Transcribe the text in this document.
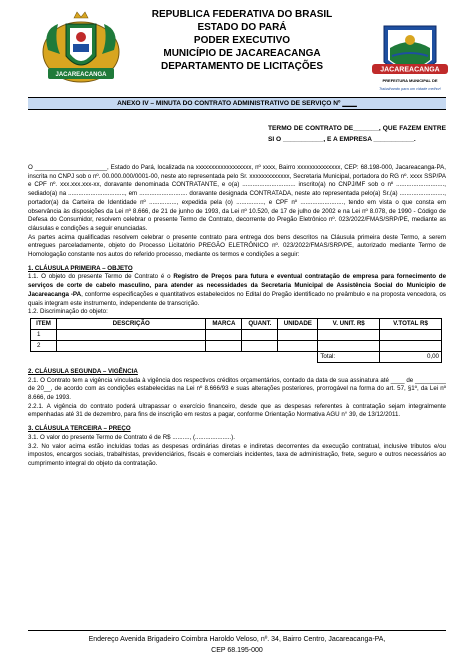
JACAREACANGA
REPUBLICA FEDERATIVA DO BRASIL
ESTADO DO PARÁ
PODER EXECUTIVO
MUNICÍPIO DE JACAREACANGA
DEPARTAMENTO DE LICITAÇÕES	JACAREACANGA
PREFEITURA MUNICIPAL DE
Trabalhando para um cidade melhor!
ANEXO IV – MINUTA DO CONTRATO ADMINISTRATIVO DE SERVIÇO Nº ____
TERMO DE CONTRATO DE_______, QUE FAZEM ENTRE SI O ___________, E A EMPRESA ___________.

O _____________________, Estado do Pará, localizada na xxxxxxxxxxxxxxxxxx, nº xxxx, Bairro xxxxxxxxxxxxxx, CEP: 68.198-000, Jacareacanga-PA, inscrita no CNPJ sob o nº. 00.000.000/0001-00, neste ato representada pelo Sr. xxxxxxxxxxxxx, Secretaria Municipal, portadora do RG nº. xxxx SSP/PA e CPF nº. xxx.xxx.xxx-xx, doravante denominada CONTRATANTE, e o(a) ............................... inscrito(a) no CNPJ/MF sob o nº ............................, sediado(a) na ................................., em ............................ doravante designada CONTRATADA, neste ato representada pelo(a) Sr.(a) .........................., portador(a) da Carteira de Identidade nº ................, expedida pela (o) ................, e CPF nº ........................., tendo em vista o que consta em observância às disposições da Lei nº 8.666, de 21 de junho de 1993, da Lei nº 10.520, de 17 de julho de 2002 e na Lei nº 8.078, de 1990 - Código de Defesa do Consumidor, resolvem celebrar o presente Termo de Contrato, decorrente do Pregão Eletrônico nº. 023/2022/FMAS/SRP/PE, mediante as cláusulas e condições a seguir enunciadas.

As partes acima qualificadas resolvem celebrar o presente contrato para entrega dos bens descritos na Cláusula primeira deste Termo, a serem entregues parceladamente, objeto do Processo Licitatório PREGÃO ELETRÔNICO nº. 023/2022/FMAS/SRP/PE, autorizado mediante Termo de Homologação constante nos autos do referido processo, mediante os termos e condições a seguir:

1. CLÁUSULA PRIMEIRA – OBJETO

1.1. O objeto do presente Termo de Contrato é o Registro de Preços para futura e eventual contratação de empresa para fornecimento de serviços de corte de cabelo masculino, para atender as necessidades da Secretaria Municipal de Assistência Social do Município de Jacareacanga -PA, conforme especificações e quantitativos estabelecidos no Edital do Pregão identificado no preâmbulo e na proposta vencedora, os quais integram este instrumento, independente de transcrição.

1.2. Discriminação do objeto:

ITEM	DESCRIÇÃO	MARCA	QUANT.	UNIDADE	V. UNIT. R$	V.TOTAL R$
1						
2						
					Total:	0,00
2. CLÁUSULA SEGUNDA – VIGÊNCIA

2.1. O Contrato tem a vigência vinculada à vigência dos respectivos créditos orçamentários, contado da data de sua assinatura até ____ de _________ de 20__, de acordo com as condições estabelecidas na Lei nº 8.666/93 e suas alterações posteriores, prorrogável na forma do art. 57, §1º, da Lei nº 8.666, de 1993.

2.2.1. A vigência do contrato poderá ultrapassar o exercício financeiro, desde que as despesas referentes à contratação sejam integralmente empenhadas até 31 de dezembro, para fins de inscrição em restos a pagar, conforme Orientação Normativa AGU n° 39, de 13/12/2011.

3. CLÁUSULA TERCEIRA – PREÇO

3.1. O valor do presente Termo de Contrato é de R$ .........., (.....................).

3.2. No valor acima estão incluídas todas as despesas ordinárias diretas e indiretas decorrentes da execução contratual, inclusive tributos e/ou impostos, encargos sociais, trabalhistas, previdenciários, fiscais e comerciais incidentes, taxa de administração, frete, seguro e outros necessários ao cumprimento integral do objeto da contratação.

Endereço Avenida Brigadeiro Coimbra Haroldo Veloso, nº. 34, Bairro Centro, Jacareacanga-PA,
CEP 68.195-000
